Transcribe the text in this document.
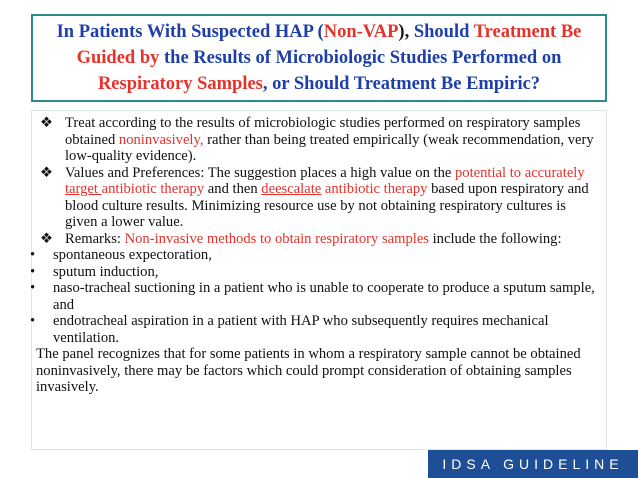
In Patients With Suspected HAP (Non-VAP), Should Treatment Be Guided by the Results of Microbiologic Studies Performed on Respiratory Samples, or Should Treatment Be Empiric?
❖ Treat according to the results of microbiologic studies performed on respiratory samples obtained noninvasively, rather than being treated empirically (weak recommendation, very low-quality evidence).
❖ Values and Preferences: The suggestion places a high value on the potential to accurately target antibiotic therapy and then deescalate antibiotic therapy based upon respiratory and blood culture results. Minimizing resource use by not obtaining respiratory cultures is given a lower value.
❖ Remarks: Non-invasive methods to obtain respiratory samples include the following:
•	spontaneous expectoration,
•	sputum induction,
•	naso-tracheal suctioning in a patient who is unable to cooperate to produce a sputum sample, and
•	endotracheal aspiration in a patient with HAP who subsequently requires mechanical ventilation.
The panel recognizes that for some patients in whom a respiratory sample cannot be obtained noninvasively, there may be factors which could prompt consideration of obtaining samples invasively.
IDSA GUIDELINE
